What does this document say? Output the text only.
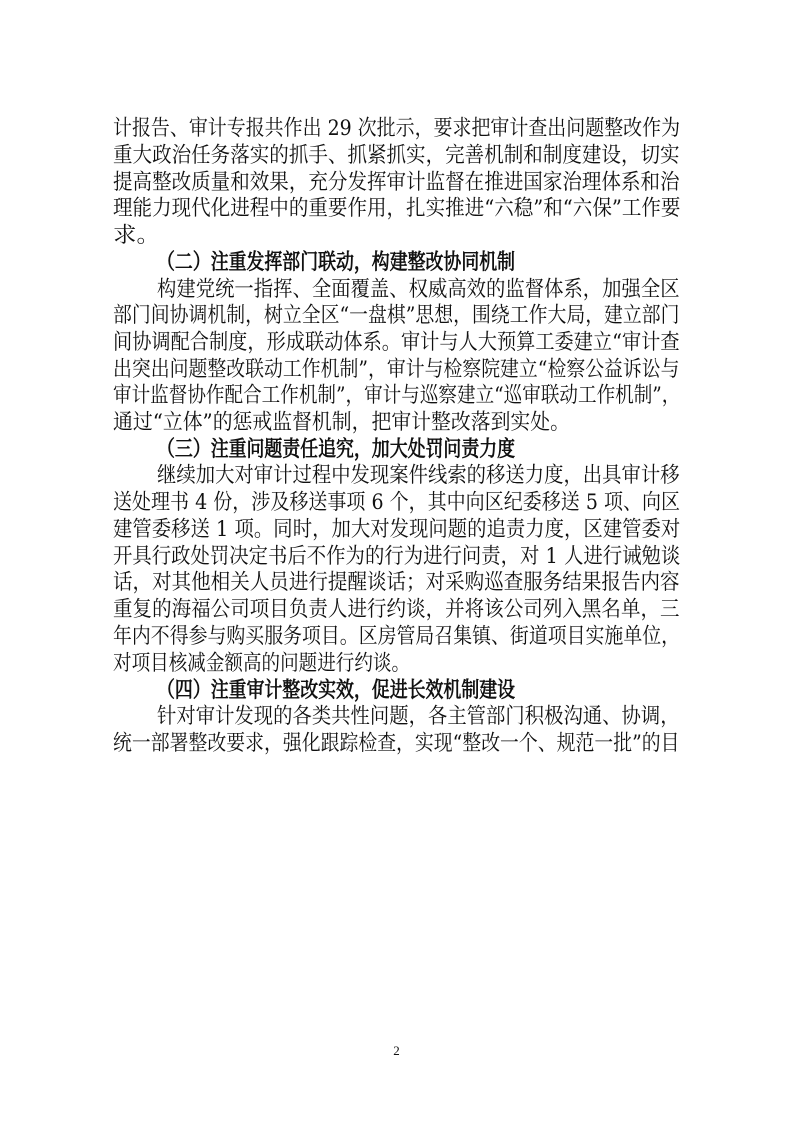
计报告、审计专报共作出 29 次批示，要求把审计查出问题整改作为
重大政治任务落实的抓手、抓紧抓实，完善机制和制度建设，切实
提高整改质量和效果，充分发挥审计监督在推进国家治理体系和治
理能力现代化进程中的重要作用，扎实推进“六稳”和“六保”工作要
求。
（二）注重发挥部门联动，构建整改协同机制
构建党统一指挥、全面覆盖、权威高效的监督体系，加强全区
部门间协调机制，树立全区“一盘棋”思想，围绕工作大局，建立部门
间协调配合制度，形成联动体系。审计与人大预算工委建立“审计查
出突出问题整改联动工作机制”，审计与检察院建立“检察公益诉讼与
审计监督协作配合工作机制”，审计与巡察建立“巡审联动工作机制”，
通过“立体”的惩戒监督机制，把审计整改落到实处。
（三）注重问题责任追究，加大处罚问责力度
继续加大对审计过程中发现案件线索的移送力度，出具审计移
送处理书 4 份，涉及移送事项 6 个，其中向区纪委移送 5 项、向区
建管委移送 1 项。同时，加大对发现问题的追责力度，区建管委对
开具行政处罚决定书后不作为的行为进行问责，对 1 人进行诫勉谈
话，对其他相关人员进行提醒谈话；对采购巡查服务结果报告内容
重复的海福公司项目负责人进行约谈，并将该公司列入黑名单，三
年内不得参与购买服务项目。区房管局召集镇、街道项目实施单位，
对项目核减金额高的问题进行约谈。
（四）注重审计整改实效，促进长效机制建设
针对审计发现的各类共性问题，各主管部门积极沟通、协调，
统一部署整改要求，强化跟踪检查，实现“整改一个、规范一批”的目
2
